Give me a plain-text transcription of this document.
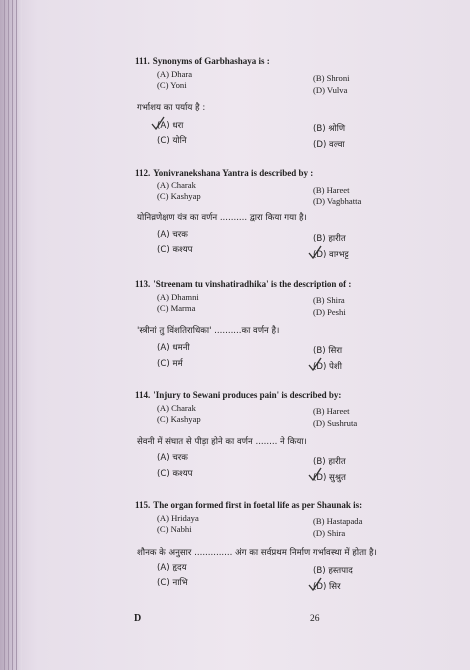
111. Synonyms of Garbhashaya is :
(A) Dhara	(B) Shroni
(C) Yoni	(D) Vulva
गर्भाशय का पर्याय है :
(A) धरा	(B) श्रोणि
(C) योनि	(D) वल्वा
112. Yonivranekshana Yantra is described by :
(A) Charak	(B) Hareet
(C) Kashyap	(D) Vagbhatta
योनिव्रणेक्षण यंत्र का वर्णन .......... द्वारा किया गया है।
(A) चरक	(B) हारीत
(C) कश्यप	(D) वाग्भट्ट
113. 'Streenam tu vinshatiradhika' is the description of :
(A) Dhamni	(B) Shira
(C) Marma	(D) Peshi
'स्त्रीनां तु विंशतिराधिका' ..........का वर्णन है।
(A) धमनी	(B) सिरा
(C) मर्म	(D) पेशी
114. 'Injury to Sewani produces pain' is described by:
(A) Charak	(B) Hareet
(C) Kashyap	(D) Sushruta
सेवनी में संघात से पीड़ा होने का वर्णन ........ ने किया।
(A) चरक	(B) हारीत
(C) कश्यप	(D) सुश्रुत
115. The organ formed first in foetal life as per Shaunak is:
(A) Hridaya	(B) Hastapada
(C) Nabhi	(D) Shira
शौनक के अनुसार .............. अंग का सर्वप्रथम निर्माण गर्भावस्था में होता है।
(A) हृदय	(B) हस्तपाद
(C) नाभि	(D) सिर
D	26
